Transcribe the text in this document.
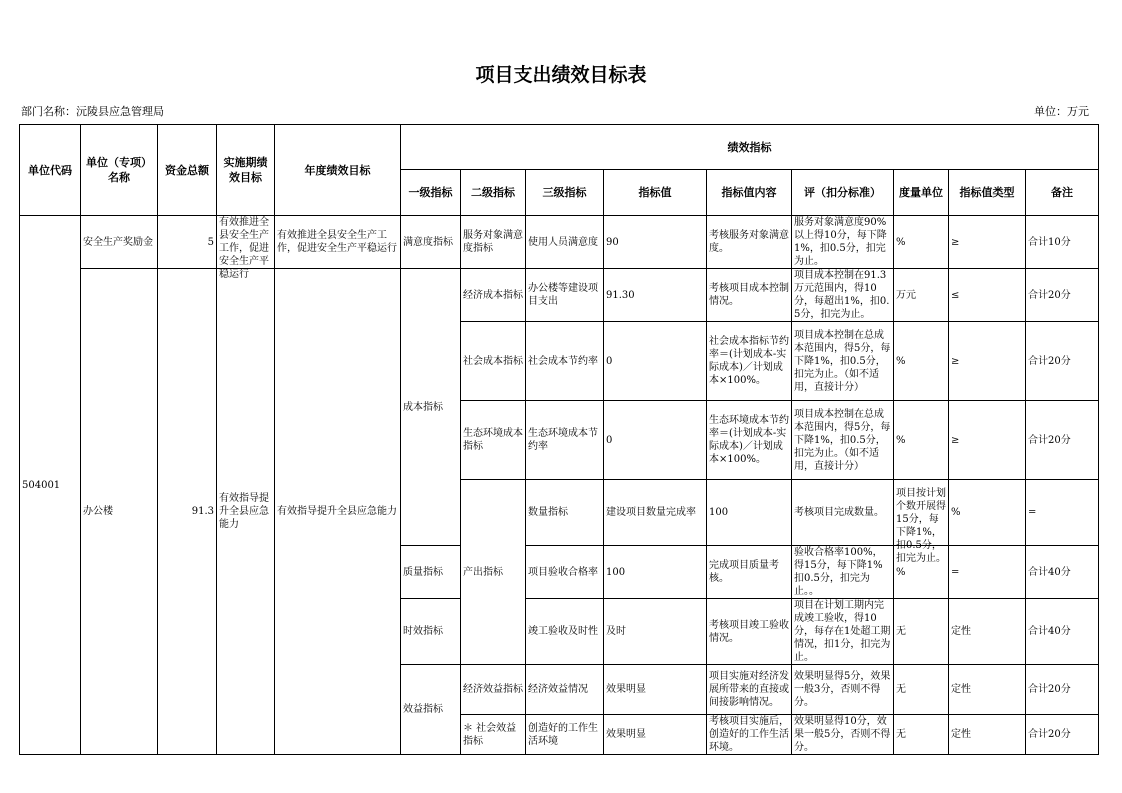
项目支出绩效目标表
部门名称：沅陵县应急管理局	单位：万元
单位代码	单位（专项）名称	资金总额	实施期绩效目标	年度绩效目标	绩效指标									
					一级指标	二级指标	三级指标	指标值	指标值内容	评（扣分标准）	度量单位	指标值类型	备注	
504001	安全生产奖励金	5	有效推进全县安全生产工作，促进安全生产平稳运行	有效推进全县安全生产工作，促进安全生产平稳运行	满意度指标	服务对象满意度指标	使用人员满意度	90	考核服务对象满意度。	服务对象满意度90%以上得10分，每下降1%，扣0.5分，扣完为止。	%	≥	合计10分	
	办公楼	91.3	有效指导提升全县应急能力	有效指导提升全县应急能力	成本指标	经济成本指标	办公楼等建设项目支出	91.30	考核项目成本控制情况。	项目成本控制在91.3万元范围内，得10分，每超出1%，扣0.5分，扣完为止。	万元	≤	合计20分	
						社会成本指标	社会成本节约率	0	社会成本指标节约率＝(计划成本-实际成本)／计划成本×100%。	项目成本控制在总成本范围内，得5分，每下降1%，扣0.5分，扣完为止。（如不适用，直接计分）	%	≥	合计20分	
						生态环境成本指标	生态环境成本节约率	0	生态环境成本节约率＝(计划成本-实际成本)／计划成本×100%。	项目成本控制在总成本范围内，得5分，每下降1%，扣0.5分，扣完为止。（如不适用，直接计分）	%	≥	合计20分	
						产出指标	数量指标	建设项目数量完成率	100	考核项目完成数量。	项目按计划个数开展得15分，每下降1%，扣0.5分，扣完为止。	%	=	
					质量指标		项目验收合格率	100	完成项目质量考核。	验收合格率100%，得15分，每下降1%扣0.5分，扣完为止。。	%	=	合计40分	
					时效指标		竣工验收及时性	及时	考核项目竣工验收情况。	项目在计划工期内完成竣工验收，得10分，每存在1处超工期情况，扣1分，扣完为止。	无	定性	合计40分	
					效益指标	经济效益指标	经济效益情况	效果明显	项目实施对经济发展所带来的直接或间接影响情况。	效果明显得5分，效果一般3分，否则不得分。	无	定性	合计20分	
						＊ 社会效益指标	创造好的工作生活环境	效果明显	考核项目实施后，创造好的工作生活环境。	效果明显得10分，效果一般5分，否则不得分。	无	定性	合计20分	
